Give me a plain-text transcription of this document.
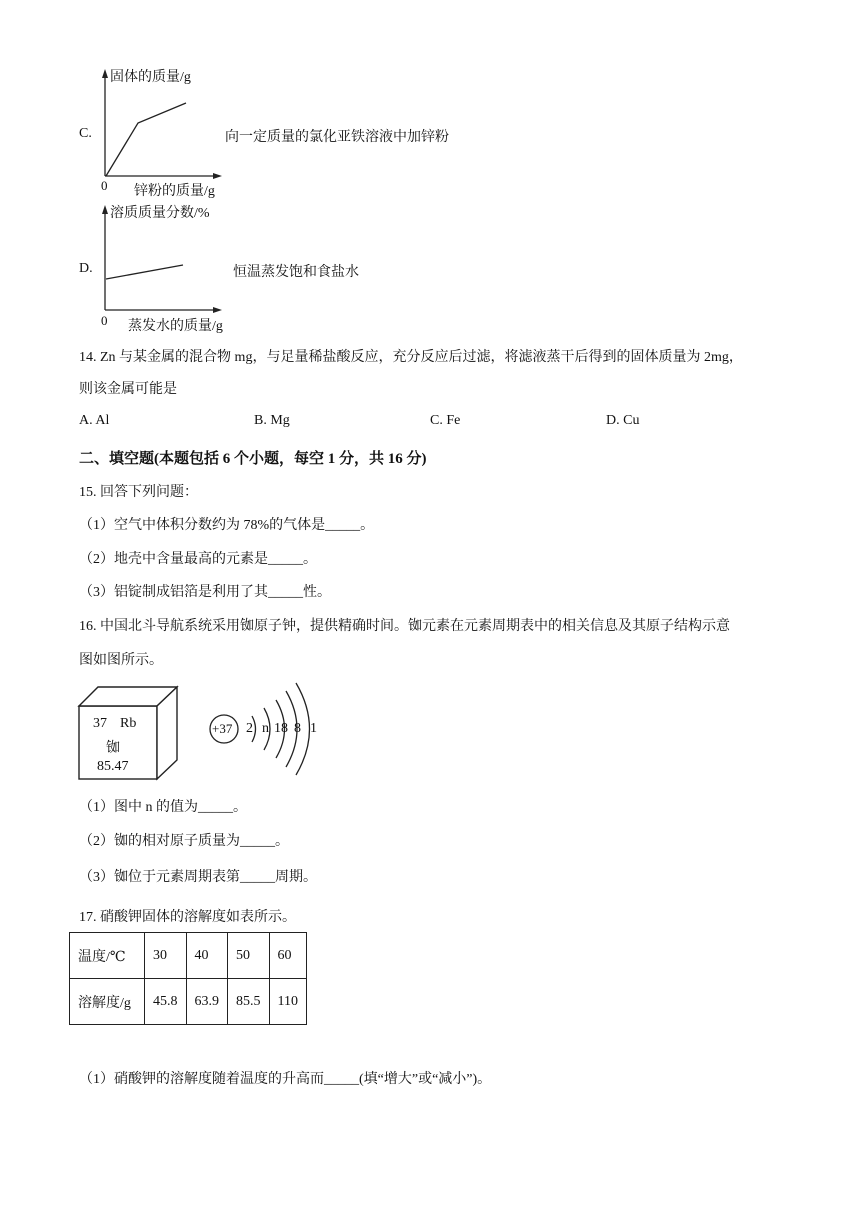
固体的质量/g
0 锌粉的质量/g
C.	向一定质量的氯化亚铁溶液中加锌粉
溶质质量分数/%
0 蒸发水的质量/g
D.	恒温蒸发饱和食盐水
14. Zn 与某金属的混合物 mg，与足量稀盐酸反应，充分反应后过滤，将滤液蒸干后得到的固体质量为 2mg，
则该金属可能是
A. Al	B. Mg	C. Fe	D. Cu
二、填空题(本题包括 6 个小题，每空 1 分，共 16 分)
15. 回答下列问题：
（1）空气中体积分数约为 78%的气体是_____。
（2）地壳中含量最高的元素是_____。
（3）铝锭制成铝箔是利用了其_____性。
16. 中国北斗导航系统采用铷原子钟，提供精确时间。铷元素在元素周期表中的相关信息及其原子结构示意
图如图所示。
37 Rb
铷
85.47
+37 2 n 18 8 1
（1）图中 n 的值为_____。
（2）铷的相对原子质量为_____。
（3）铷位于元素周期表第_____周期。
17. 硝酸钾固体的溶解度如表所示。
温度/℃	30	40	50	60
溶解度/g	45.8	63.9	85.5	110
（1）硝酸钾的溶解度随着温度的升高而_____(填“增大”或“减小”)。
